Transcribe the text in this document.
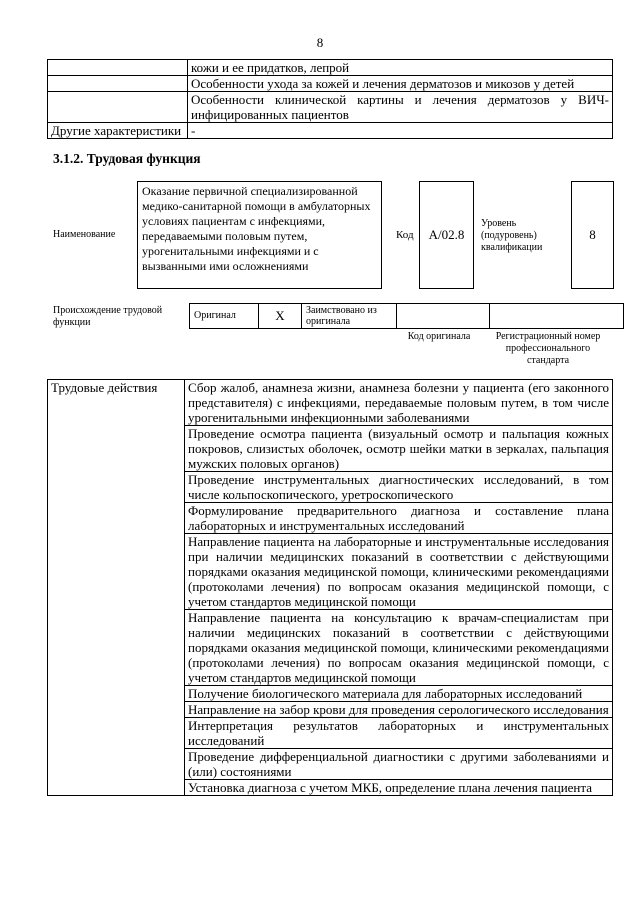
8
	кожи и ее придатков, лепрой
	Особенности ухода за кожей и лечения дерматозов и микозов у детей
	Особенности клинической картины и лечения дерматозов у ВИЧ-инфицированных пациентов
Другие характеристики	-
3.1.2. Трудовая функция
Наименование
Оказание первичной специализированной медико-санитарной помощи в амбулаторных условиях пациентам с инфекциями, передаваемыми половым путем, урогенитальными инфекциями и с вызванными ими осложнениями
Код	A/02.8
Уровень (подуровень) квалификации
8
Происхождение трудовой функции
Оригинал	X	Заимствовано из оригинала		
Код оригинала	Регистрационный номер профессионального стандарта
Трудовые действия	Сбор жалоб, анамнеза жизни, анамнеза болезни у пациента (его законного представителя) с инфекциями, передаваемые половым путем, в том числе урогенитальными инфекционными заболеваниями
Проведение осмотра пациента (визуальный осмотр и пальпация кожных покровов, слизистых оболочек, осмотр шейки матки в зеркалах, пальпация мужских половых органов)
Проведение инструментальных диагностических исследований, в том числе кольпоскопического, уретроскопического
Формулирование предварительного диагноза и составление плана лабораторных и инструментальных исследований
Направление пациента на лабораторные и инструментальные исследования при наличии медицинских показаний в соответствии с действующими порядками оказания медицинской помощи, клиническими рекомендациями (протоколами лечения) по вопросам оказания медицинской помощи, с учетом стандартов медицинской помощи
Направление пациента на консультацию к врачам-специалистам при наличии медицинских показаний в соответствии с действующими порядками оказания медицинской помощи, клиническими рекомендациями (протоколами лечения) по вопросам оказания медицинской помощи, с учетом стандартов медицинской помощи
Получение биологического материала для лабораторных исследований
Направление на забор крови для проведения серологического исследования
Интерпретация результатов лабораторных и инструментальных исследований
Проведение дифференциальной диагностики с другими заболеваниями и (или) состояниями
Установка диагноза с учетом МКБ, определение плана лечения пациента
